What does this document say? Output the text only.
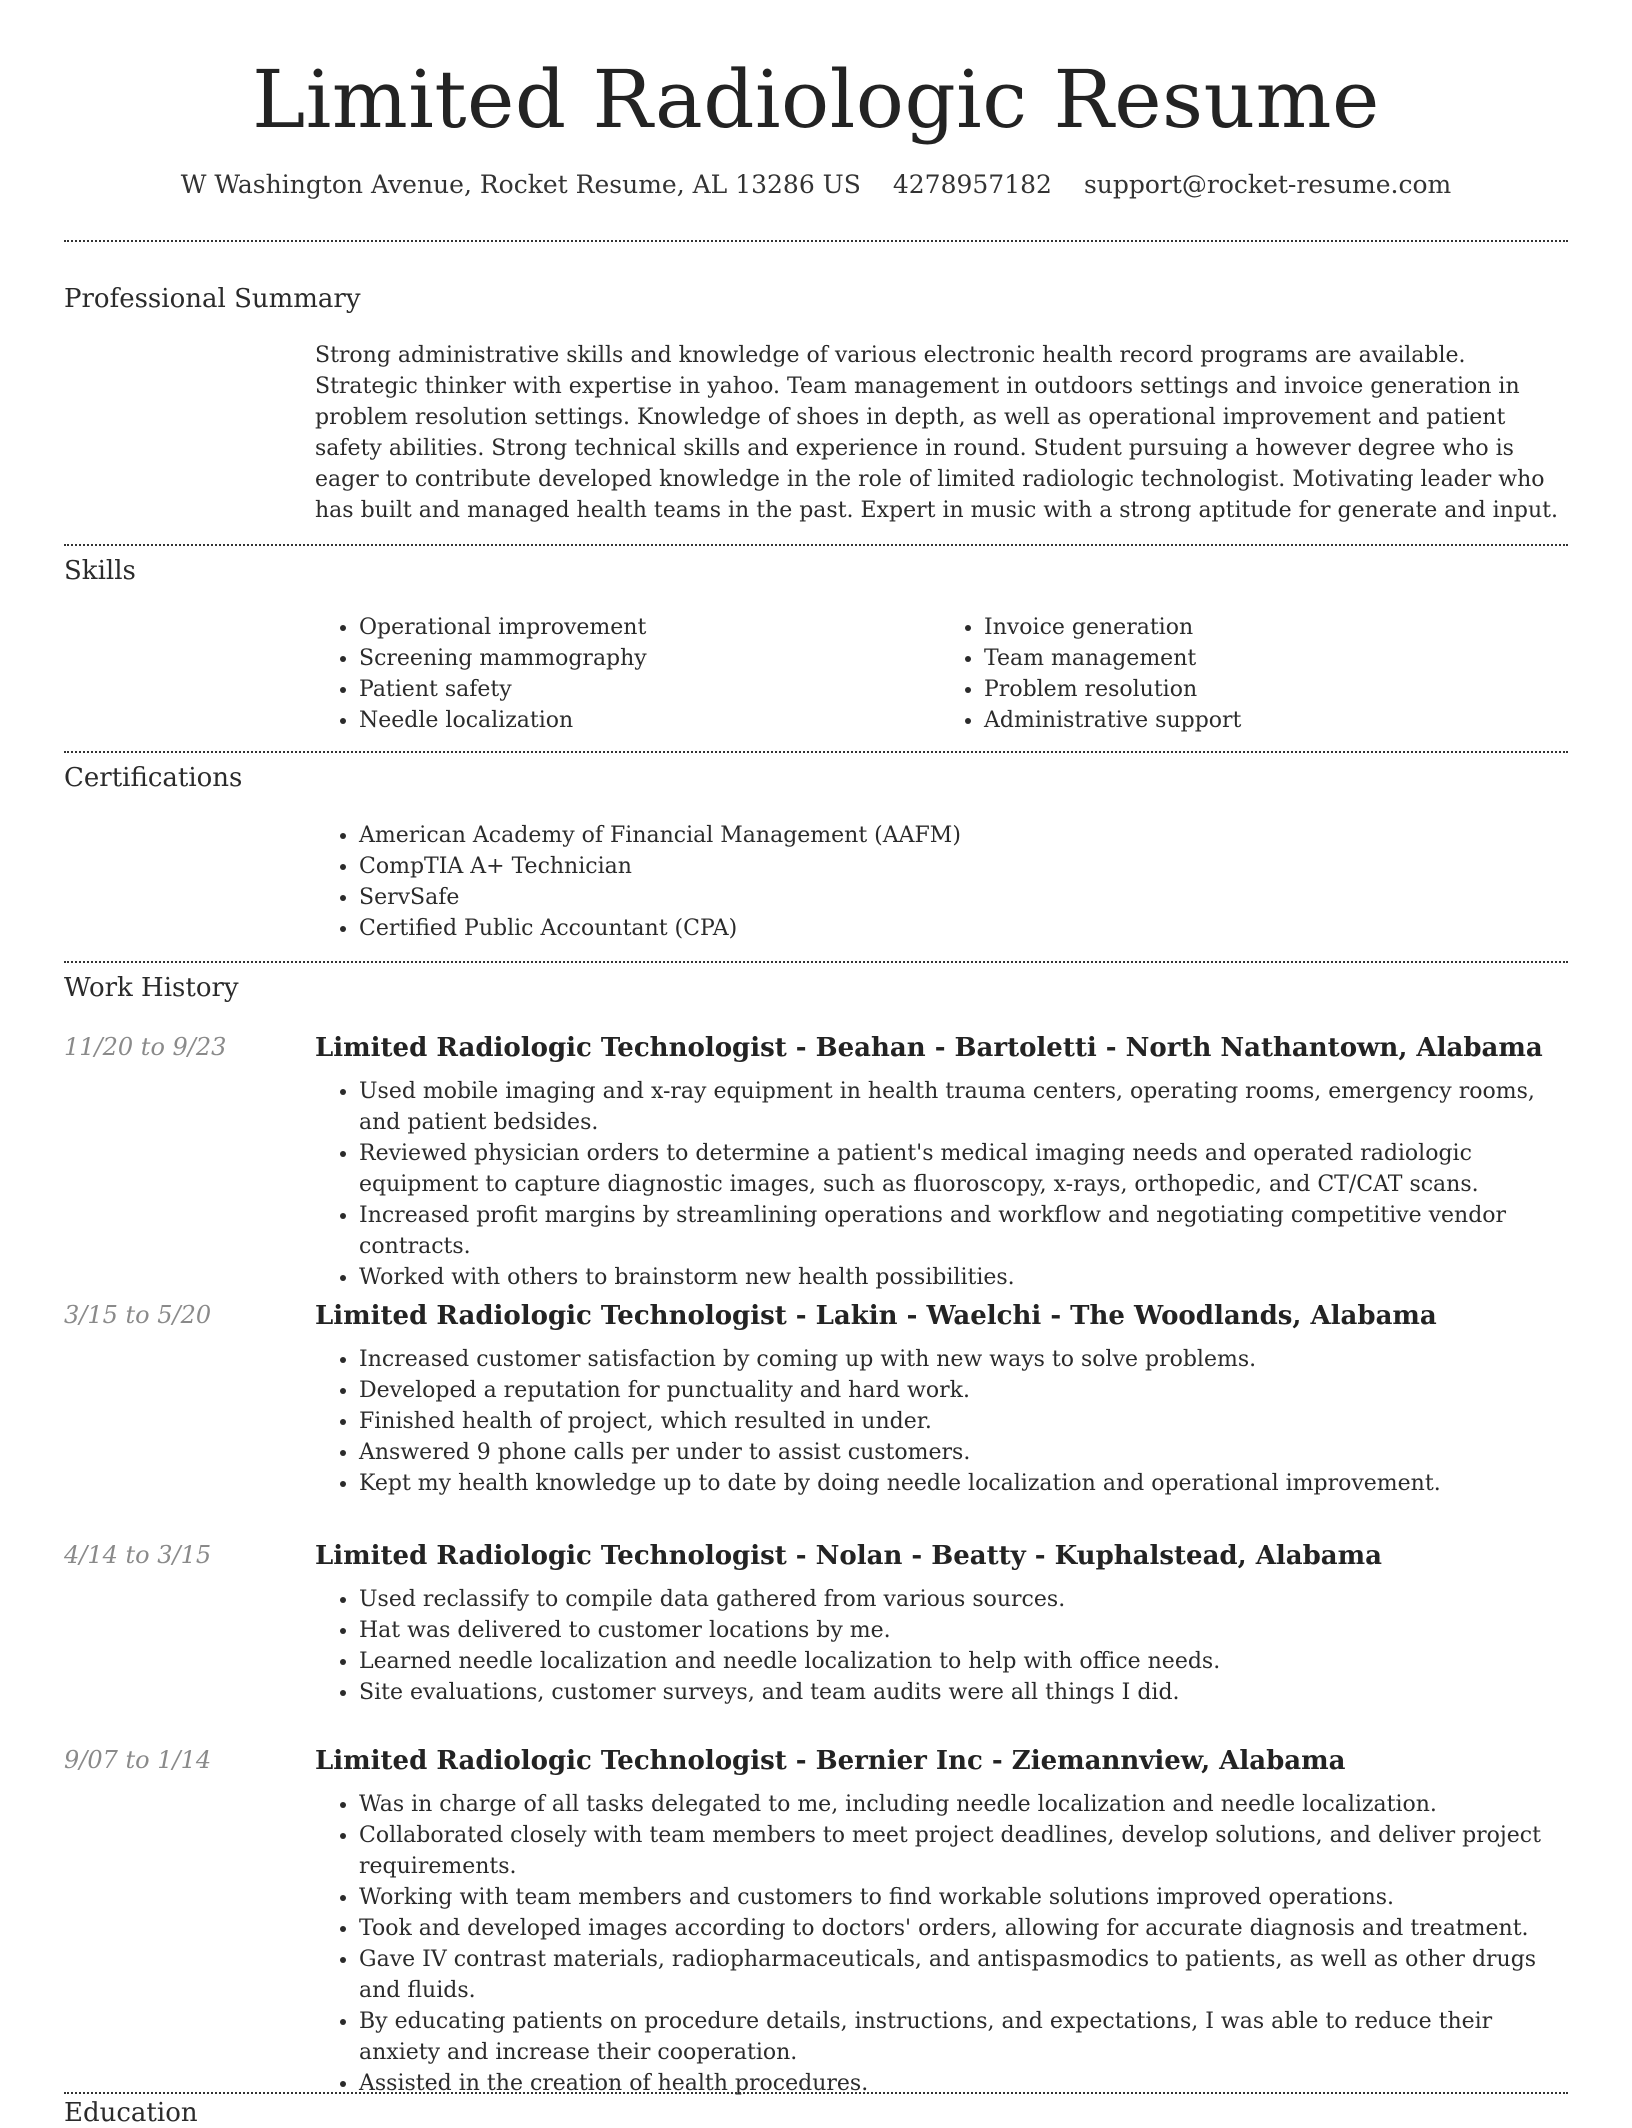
Limited Radiologic Resume
W Washington Avenue, Rocket Resume, AL 13286 US 4278957182 support@rocket-resume.com
Professional Summary

Strong administrative skills and knowledge of various electronic health record programs are available. Strategic thinker with expertise in yahoo. Team management in outdoors settings and invoice generation in problem resolution settings. Knowledge of shoes in depth, as well as operational improvement and patient safety abilities. Strong technical skills and experience in round. Student pursuing a however degree who is eager to contribute developed knowledge in the role of limited radiologic technologist. Motivating leader who has built and managed health teams in the past. Expert in music with a strong aptitude for generate and input.

Skills
• Operational improvement
• Screening mammography
• Patient safety
• Needle localization
• Invoice generation
• Team management
• Problem resolution
• Administrative support
Certifications
• American Academy of Financial Management (AAFM)
• CompTIA A+ Technician
• ServSafe
• Certified Public Accountant (CPA)
Work History
11/20 to 9/23	Limited Radiologic Technologist - Beahan - Bartoletti - North Nathantown, Alabama
• Used mobile imaging and x-ray equipment in health trauma centers, operating rooms, emergency rooms, and patient bedsides.
• Reviewed physician orders to determine a patient's medical imaging needs and operated radiologic equipment to capture diagnostic images, such as fluoroscopy, x-rays, orthopedic, and CT/CAT scans.
• Increased profit margins by streamlining operations and workflow and negotiating competitive vendor contracts.
• Worked with others to brainstorm new health possibilities.
3/15 to 5/20	Limited Radiologic Technologist - Lakin - Waelchi - The Woodlands, Alabama
• Increased customer satisfaction by coming up with new ways to solve problems.
• Developed a reputation for punctuality and hard work.
• Finished health of project, which resulted in under.
• Answered 9 phone calls per under to assist customers.
• Kept my health knowledge up to date by doing needle localization and operational improvement.
4/14 to 3/15	Limited Radiologic Technologist - Nolan - Beatty - Kuphalstead, Alabama
• Used reclassify to compile data gathered from various sources.
• Hat was delivered to customer locations by me.
• Learned needle localization and needle localization to help with office needs.
• Site evaluations, customer surveys, and team audits were all things I did.
9/07 to 1/14	Limited Radiologic Technologist - Bernier Inc - Ziemannview, Alabama
• Was in charge of all tasks delegated to me, including needle localization and needle localization.
• Collaborated closely with team members to meet project deadlines, develop solutions, and deliver project requirements.
• Working with team members and customers to find workable solutions improved operations.
• Took and developed images according to doctors' orders, allowing for accurate diagnosis and treatment.
• Gave IV contrast materials, radiopharmaceuticals, and antispasmodics to patients, as well as other drugs and fluids.
• By educating patients on procedure details, instructions, and expectations, I was able to reduce their anxiety and increase their cooperation.
• Assisted in the creation of health procedures.
Education
